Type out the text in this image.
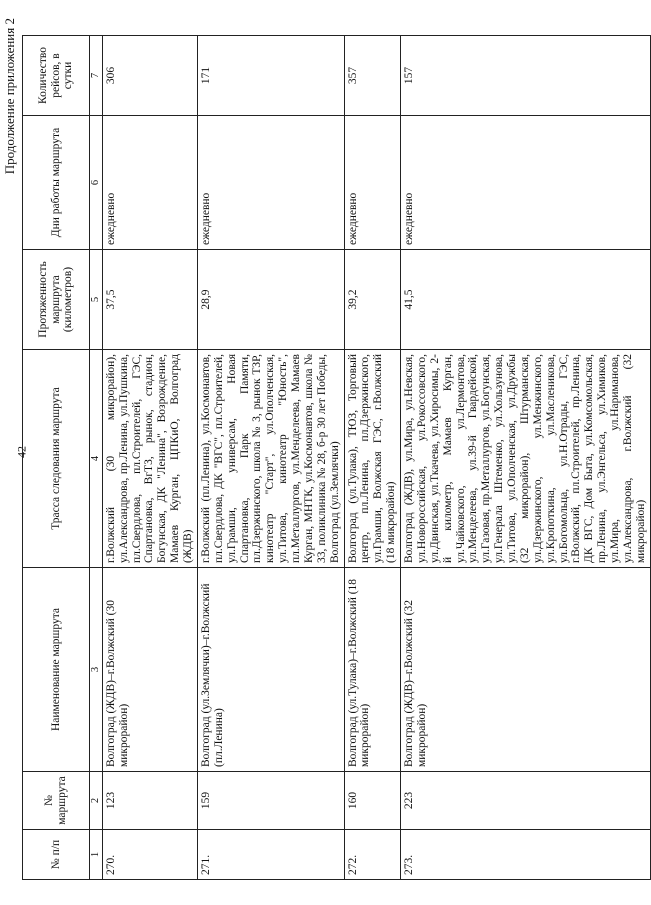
42
Продолжение приложения 2
№ п/п	№ маршрута	Наименование маршрута	Трасса следования маршрута	Протяженность маршрута (километров)	Дни работы маршрута	Количество рейсов, в сутки
1	2	3	4	5	6	7
270.	123	Волгоград (ЖДВ)–г.Волжский (30 микрорайон)	г.Волжский (30 микрорайон), ул.Александрова, пр.Ленина, ул.Пушкина, пл.Свердлова, пл.Строителей, ГЭС, Спартановка, ВгТЗ, рынок, стадион, Богунская, ДК "Ленина", Возрождение, Мамаев Курган, ЦПКиО, Волгоград (ЖДВ)	37,5	ежедневно	306
271.	159	Волгоград (ул.Землячки)–г.Волжский (пл.Ленина)	г.Волжский (пл.Ленина), ул.Космонавтов, пл.Свердлова, ДК "ВГС", пл.Строителей, ул.Грамши, универсам, Новая Спартановка, Парк Памяти, пл.Дзержинского, школа № 3, рынок ТЗР, кинотеатр "Старт", ул.Ополченская, ул.Титова, кинотеатр "Юность", пл.Металлургов, ул.Менделеева, Мамаев Курган, МНТК, ул.Космонавтов, школа № 33, поликлиника № 28, б-р 30 лет Победы, Волгоград (ул.Землячки)	28,9	ежедневно	171
272.	160	Волгоград (ул.Тулака)–г.Волжский (18 микрорайон)	Волгоград (ул.Тулака), ТЮЗ, Торговый центр, пл.Ленина, пл.Дзержинского, ул.Грамши, Волжская ГЭС, г.Волжский (18 микрорайон)	39,2	ежедневно	357
273.	223	Волгоград (ЖДВ)–г.Волжский (32 микрорайон)	Волгоград (ЖДВ), ул.Мира, ул.Невская, ул.Новороссийская, ул.Рокоссовского, ул.Двинская, ул.Ткачева, ул.Хиросимы, 2-й километр, Мамаев Курган, ул.Чайковского, ул.Лермонтова, ул.Менделеева, ул.39-й Гвардейской, ул.Газовая, пр.Металлургов, ул.Богунская, ул.Генерала Штеменко, ул.Хользунова, ул.Титова, ул.Ополченская, ул.Дружбы (32 микрорайон), Штурманская, ул.Дзержинского, ул.Менжинского, ул.Кропоткина, ул.Масленикова, ул.Богомольца, ул.Н.Отрады, ГЭС, г.Волжский, пл.Строителей, пр.Ленина, ДК ВГС, Дом Быта, ул.Комсомольская, пр.Ленина, ул.Энгельса, ул.Химиков, ул.Мира, ул.Нариманова, ул.Александрова, г.Волжский (32 микрорайон)	41,5	ежедневно	157
